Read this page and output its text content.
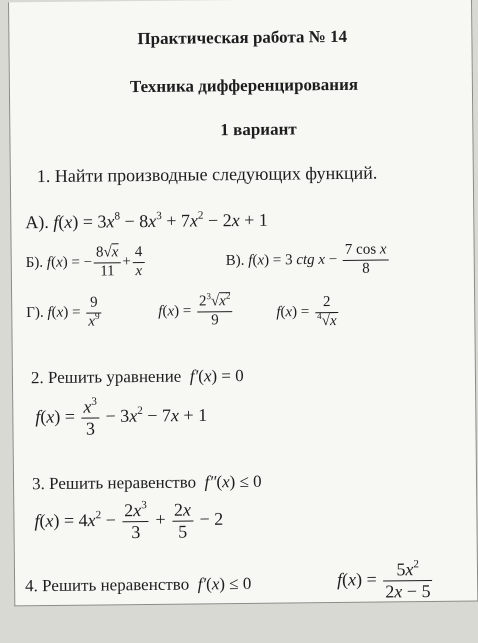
Практическая работа № 14
Техника дифференцирования
1 вариант
1. Найти производные следующих функций.
А). $f(x) = 3x^8 - 8x^3 + 7x^2 - 2x + 1$
Б). f(x) = − $\frac{8√x}{11} + \frac{4}{x}$	В). f(x) = 3 ctg $x - \frac{\text{7 cos x}}{8}$
Г). $f(x) = \frac{9}{x^9}$	$f(x) = \frac{2^3√x^2}{9}$	$f(x) = \frac{2}{^4√x}$
2. Решить уравнение  f′(x) = 0
$f(x) = \frac{x^3}{3} - 3x^2 - 7x + 1$
3. Решить неравенство  f″(x) ≤ 0
$f(x) = 4x^2 - \frac{2x^3}{3} + \frac{2x}{5} - 2$
4. Решить неравенство  f′(x) ≤ 0	$f(x) = \frac{5x^2}{2x - 5}$
